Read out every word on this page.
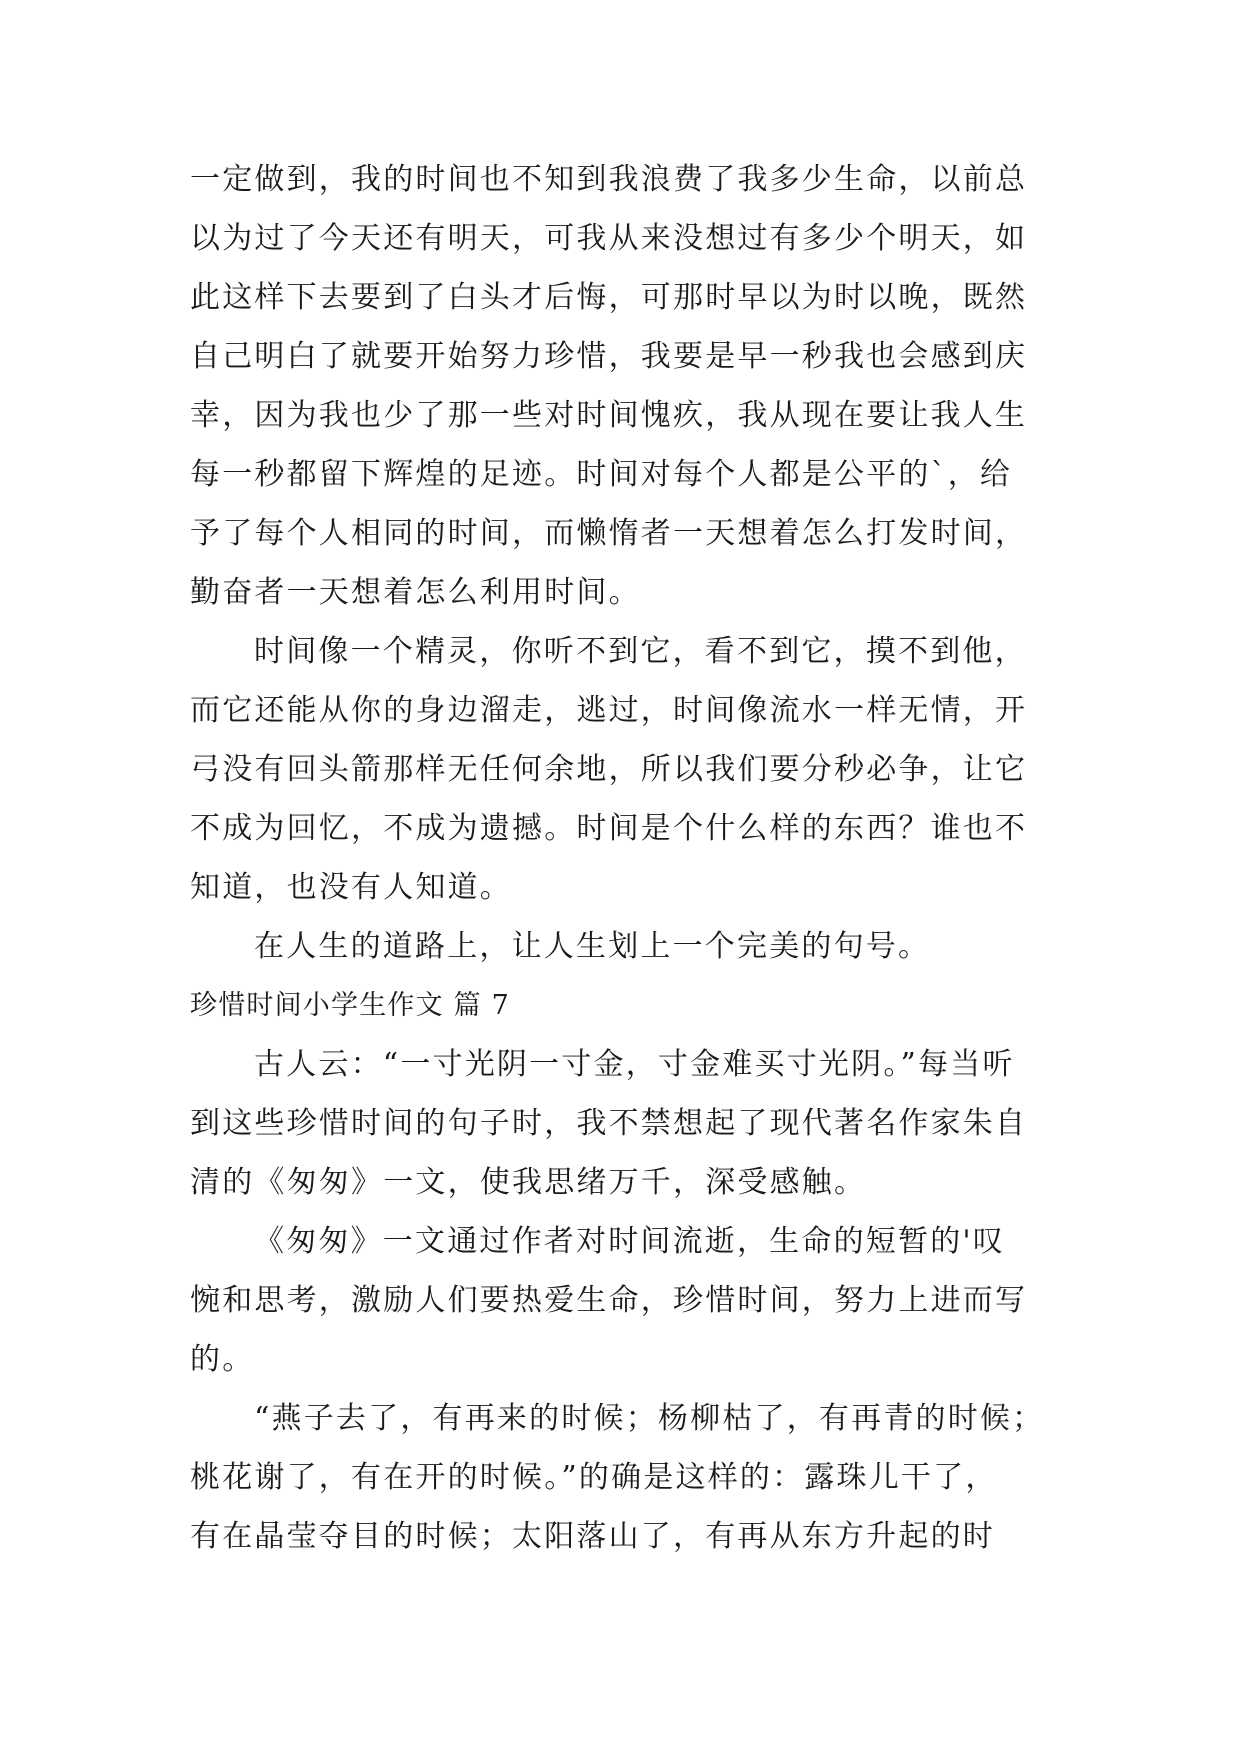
一定做到，我的时间也不知到我浪费了我多少生命，以前总
以为过了今天还有明天，可我从来没想过有多少个明天，如
此这样下去要到了白头才后悔，可那时早以为时以晚，既然
自己明白了就要开始努力珍惜，我要是早一秒我也会感到庆
幸，因为我也少了那一些对时间愧疚，我从现在要让我人生
每一秒都留下辉煌的足迹。时间对每个人都是公平的`，给
予了每个人相同的时间，而懒惰者一天想着怎么打发时间，
勤奋者一天想着怎么利用时间。
时间像一个精灵，你听不到它，看不到它，摸不到他，
而它还能从你的身边溜走，逃过，时间像流水一样无情，开
弓没有回头箭那样无任何余地，所以我们要分秒必争，让它
不成为回忆，不成为遗撼。时间是个什么样的东西？谁也不
知道，也没有人知道。
在人生的道路上，让人生划上一个完美的句号。
珍惜时间小学生作文 篇 7
古人云：“一寸光阴一寸金，寸金难买寸光阴。”每当听
到这些珍惜时间的句子时，我不禁想起了现代著名作家朱自
清的《匆匆》一文，使我思绪万千，深受感触。
《匆匆》一文通过作者对时间流逝，生命的短暂的'叹
惋和思考，激励人们要热爱生命，珍惜时间，努力上进而写
的。
“燕子去了，有再来的时候；杨柳枯了，有再青的时候；
桃花谢了，有在开的时候。”的确是这样的：露珠儿干了，
有在晶莹夺目的时候；太阳落山了，有再从东方升起的时
